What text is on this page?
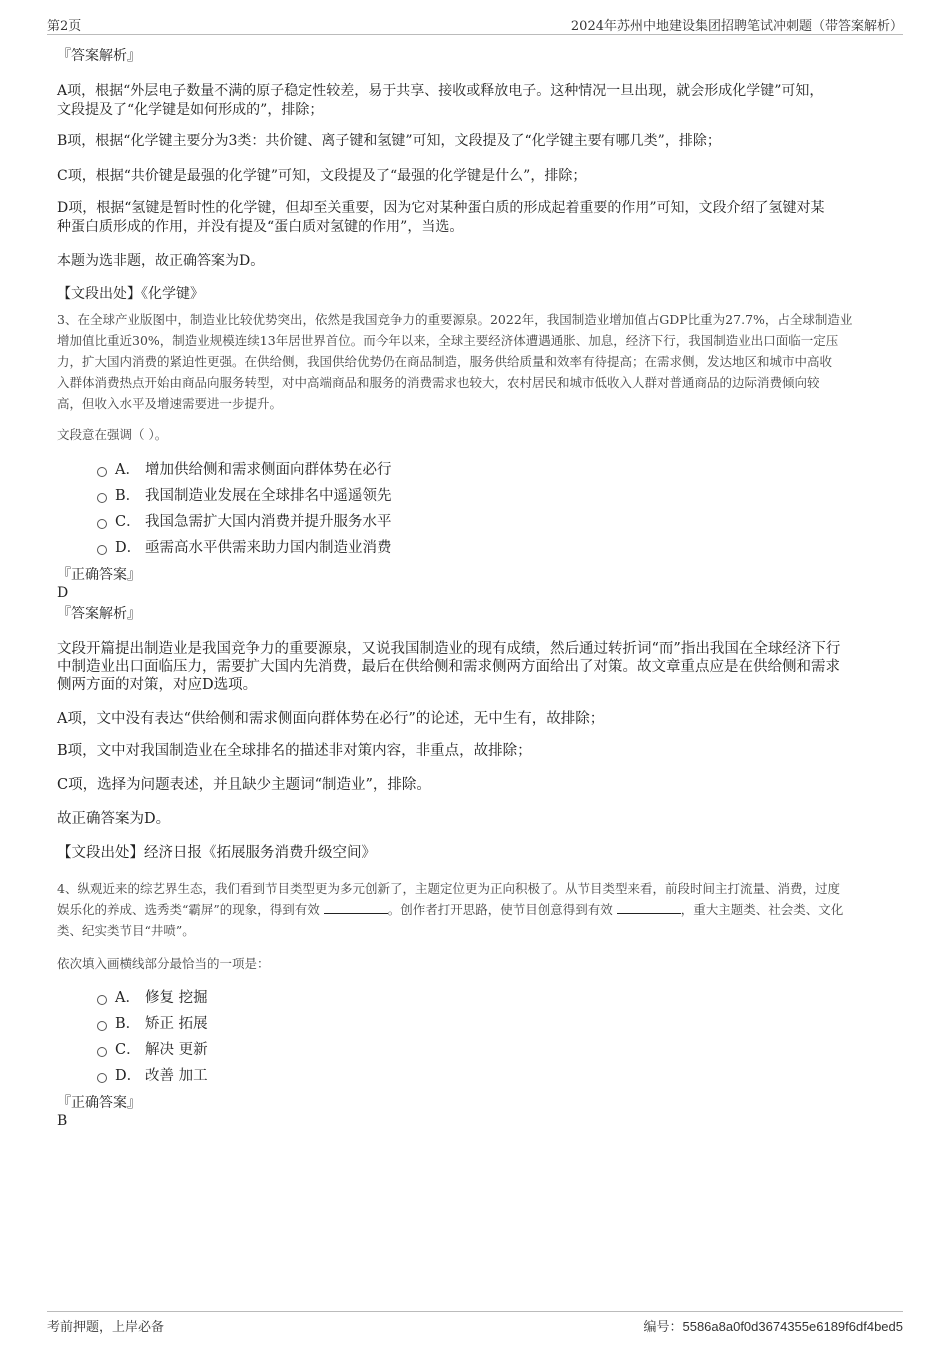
第2页	2024年苏州中地建设集团招聘笔试冲刺题（带答案解析）
『答案解析』
A项，根据“外层电子数量不满的原子稳定性较差，易于共享、接收或释放电子。这种情况一旦出现，就会形成化学键”可知，
文段提及了“化学键是如何形成的”，排除；
B项，根据“化学键主要分为3类：共价键、离子键和氢键”可知，文段提及了“化学键主要有哪几类”，排除；
C项，根据“共价键是最强的化学键”可知，文段提及了“最强的化学键是什么”，排除；
D项，根据“氢键是暂时性的化学键，但却至关重要，因为它对某种蛋白质的形成起着重要的作用”可知，文段介绍了氢键对某
种蛋白质形成的作用，并没有提及“蛋白质对氢键的作用”，当选。
本题为选非题，故正确答案为D。
【文段出处】《化学键》
3、在全球产业版图中，制造业比较优势突出，依然是我国竞争力的重要源泉。2022年，我国制造业增加值占GDP比重为27.7%，占全球制造业
增加值比重近30%，制造业规模连续13年居世界首位。而今年以来，全球主要经济体遭遇通胀、加息，经济下行，我国制造业出口面临一定压
力，扩大国内消费的紧迫性更强。在供给侧，我国供给优势仍在商品制造，服务供给质量和效率有待提高；在需求侧，发达地区和城市中高收
入群体消费热点开始由商品向服务转型，对中高端商品和服务的消费需求也较大，农村居民和城市低收入人群对普通商品的边际消费倾向较
高，但收入水平及增速需要进一步提升。
文段意在强调（ ）。
A． 增加供给侧和需求侧面向群体势在必行
B． 我国制造业发展在全球排名中遥遥领先
C． 我国急需扩大国内消费并提升服务水平
D． 亟需高水平供需来助力国内制造业消费
『正确答案』
D
『答案解析』
文段开篇提出制造业是我国竞争力的重要源泉，又说我国制造业的现有成绩，然后通过转折词“而”指出我国在全球经济下行
中制造业出口面临压力，需要扩大国内先消费，最后在供给侧和需求侧两方面给出了对策。故文章重点应是在供给侧和需求
侧两方面的对策，对应D选项。
A项，文中没有表达“供给侧和需求侧面向群体势在必行”的论述，无中生有，故排除；
B项，文中对我国制造业在全球排名的描述非对策内容，非重点，故排除；
C项，选择为问题表述，并且缺少主题词“制造业”，排除。
故正确答案为D。
【文段出处】经济日报《拓展服务消费升级空间》
4、纵观近来的综艺界生态，我们看到节目类型更为多元创新了，主题定位更为正向积极了。从节目类型来看，前段时间主打流量、消费，过度
娱乐化的养成、选秀类“霸屏”的现象，得到有效	。创作者打开思路，使节目创意得到有效	，重大主题类、社会类、文化
类、纪实类节目“井喷”。
依次填入画横线部分最恰当的一项是：
A． 修复 挖掘
B． 矫正 拓展
C． 解决 更新
D． 改善 加工
『正确答案』
B
考前押题，上岸必备	编号：5586a8a0f0d3674355e6189f6df4bed5
